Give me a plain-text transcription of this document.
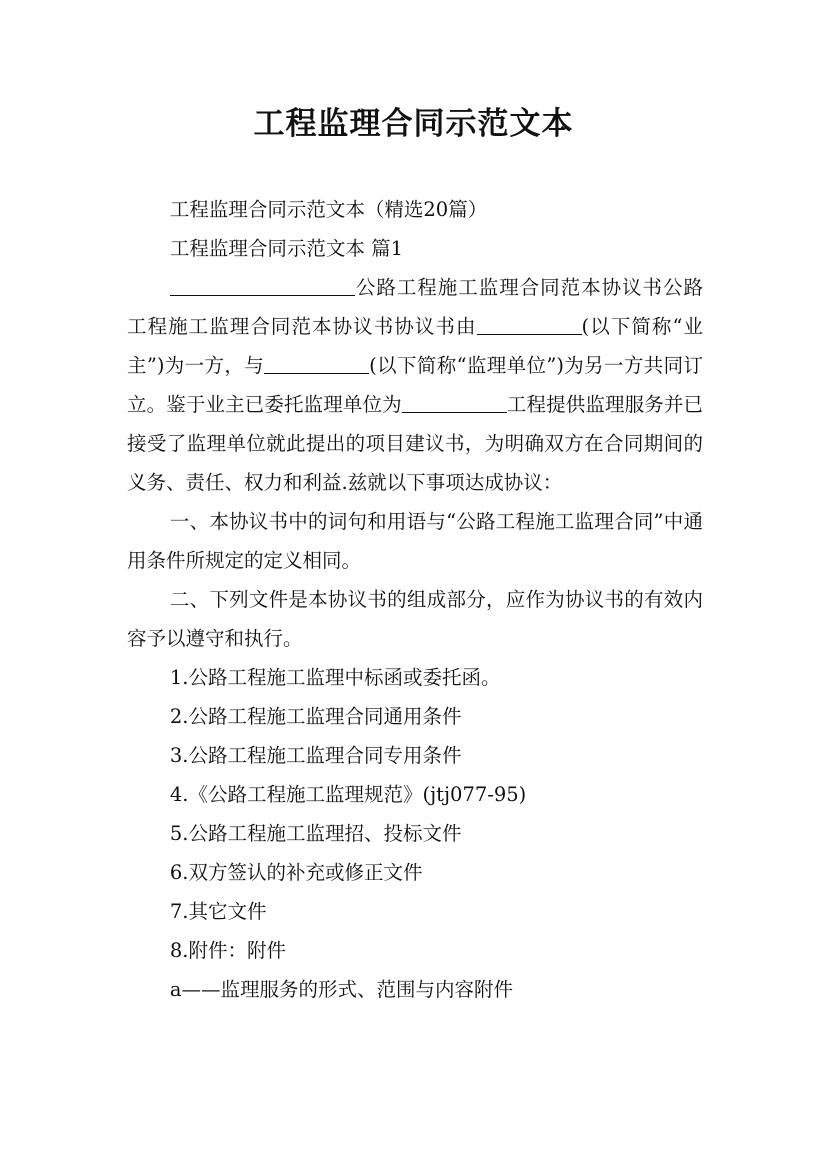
工程监理合同示范文本

工程监理合同示范文本（精选20篇）

工程监理合同示范文本 篇1

公路工程施工监理合同范本协议书公路工程施工监理合同范本协议书协议书由	(以下简称“业主”)为一方，与	(以下简称“监理单位”)为另一方共同订立。鉴于业主已委托监理单位为	工程提供监理服务并已接受了监理单位就此提出的项目建议书，为明确双方在合同期间的义务、责任、权力和利益.兹就以下事项达成协议：

一、本协议书中的词句和用语与“公路工程施工监理合同”中通用条件所规定的定义相同。

二、下列文件是本协议书的组成部分，应作为协议书的有效内容予以遵守和执行。

1.公路工程施工监理中标函或委托函。

2.公路工程施工监理合同通用条件

3.公路工程施工监理合同专用条件

4.《公路工程施工监理规范》(jtj077-95)

5.公路工程施工监理招、投标文件

6.双方签认的补充或修正文件

7.其它文件

8.附件：附件

a——监理服务的形式、范围与内容附件
